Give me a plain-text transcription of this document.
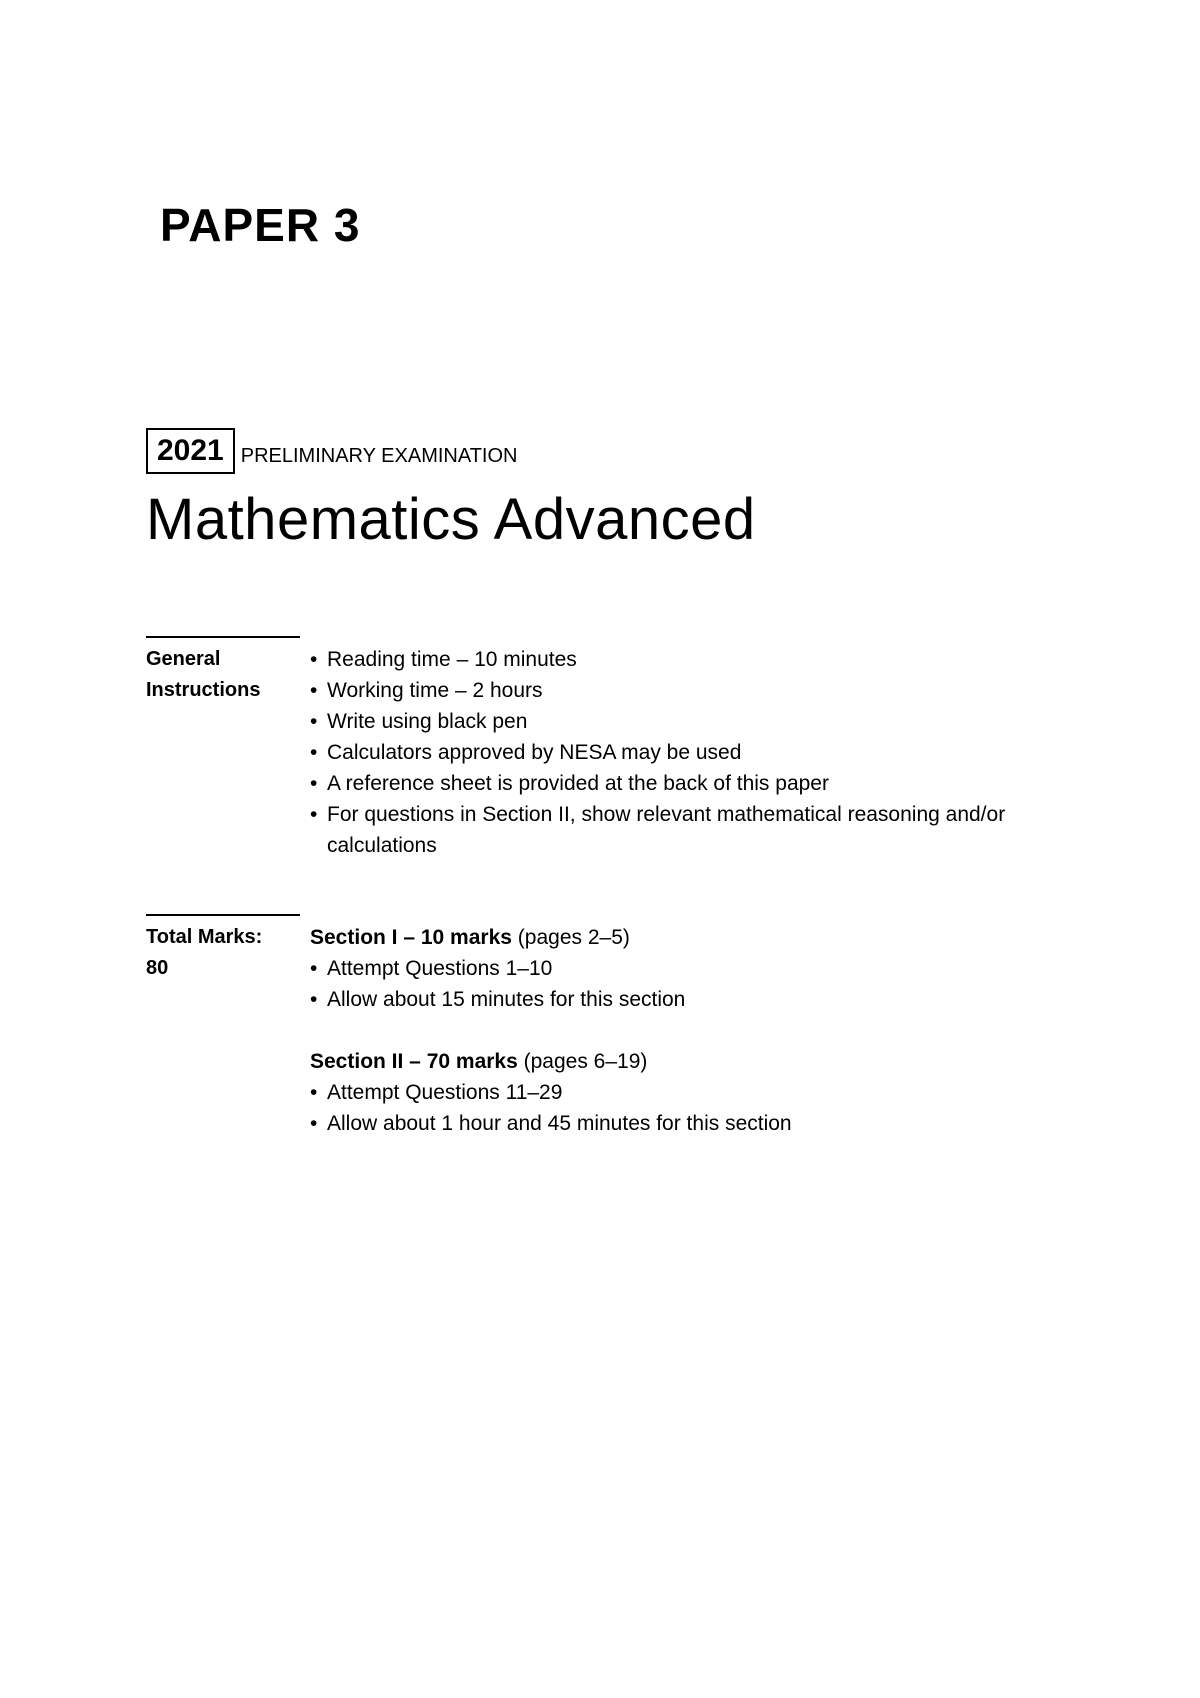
PAPER 3
2021 PRELIMINARY EXAMINATION
Mathematics Advanced
General
Instructions
• Reading time – 10 minutes
• Working time – 2 hours
• Write using black pen
• Calculators approved by NESA may be used
• A reference sheet is provided at the back of this paper
• For questions in Section II, show relevant mathematical reasoning and/or calculations
Total Marks:
80
Section I – 10 marks (pages 2–5)
• Attempt Questions 1–10
• Allow about 15 minutes for this section
Section II – 70 marks (pages 6–19)
• Attempt Questions 11–29
• Allow about 1 hour and 45 minutes for this section
